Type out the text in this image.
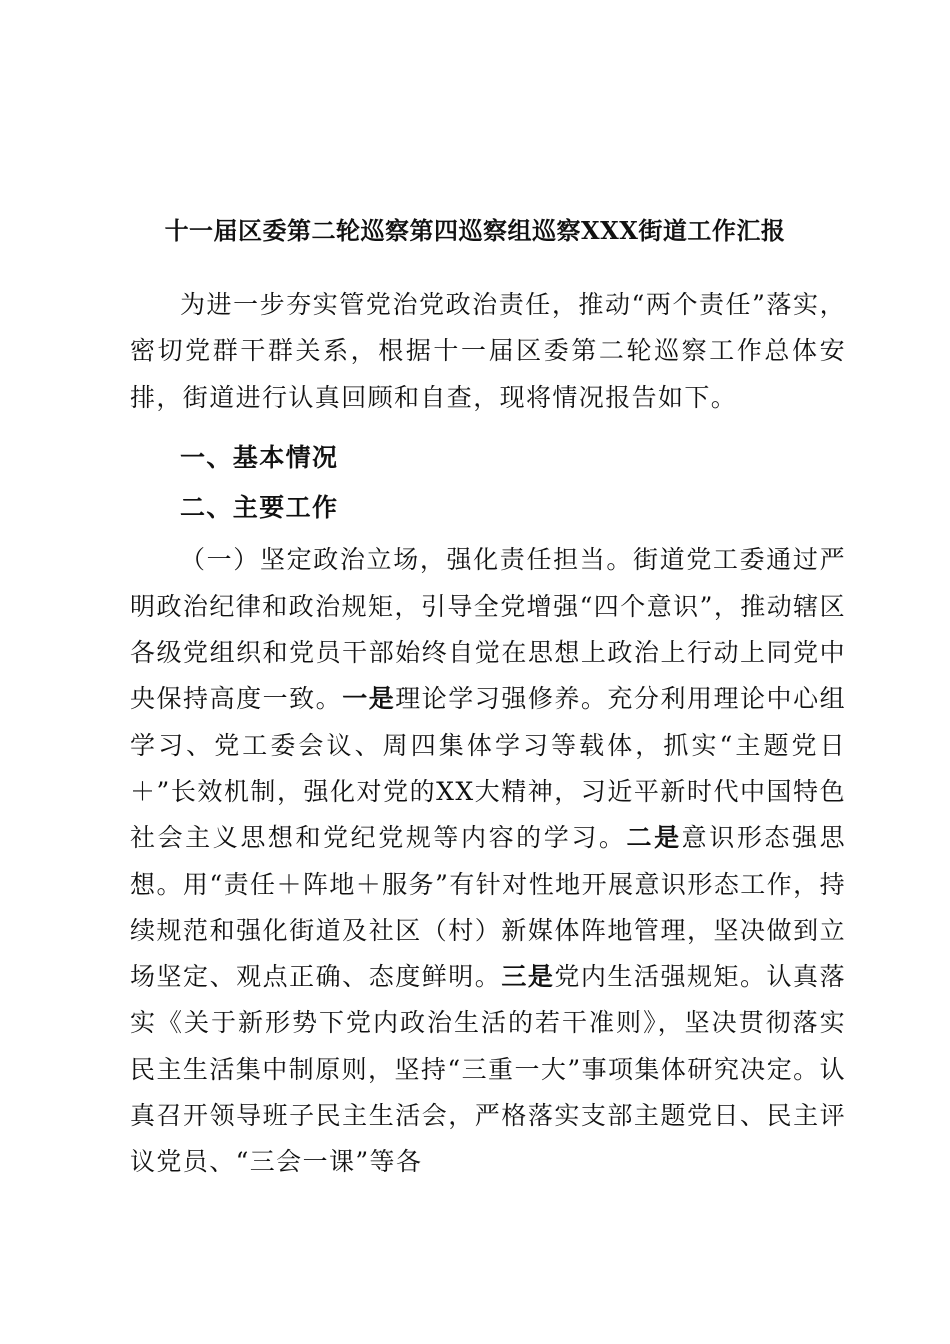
十一届区委第二轮巡察第四巡察组巡察XXX街道工作汇报

为进一步夯实管党治党政治责任，推动“两个责任”落实，密切党群干群关系，根据十一届区委第二轮巡察工作总体安排，街道进行认真回顾和自查，现将情况报告如下。

一、基本情况
二、主要工作

（一）坚定政治立场，强化责任担当。街道党工委通过严明政治纪律和政治规矩，引导全党增强“四个意识”，推动辖区各级党组织和党员干部始终自觉在思想上政治上行动上同党中央保持高度一致。一是理论学习强修养。充分利用理论中心组学习、党工委会议、周四集体学习等载体，抓实“主题党日＋”长效机制，强化对党的XX大精神，习近平新时代中国特色社会主义思想和党纪党规等内容的学习。二是意识形态强思想。用“责任＋阵地＋服务”有针对性地开展意识形态工作，持续规范和强化街道及社区（村）新媒体阵地管理，坚决做到立场坚定、观点正确、态度鲜明。三是党内生活强规矩。认真落实《关于新形势下党内政治生活的若干准则》，坚决贯彻落实民主生活集中制原则，坚持“三重一大”事项集体研究决定。认真召开领导班子民主生活会，严格落实支部主题党日、民主评议党员、“三会一课”等各
